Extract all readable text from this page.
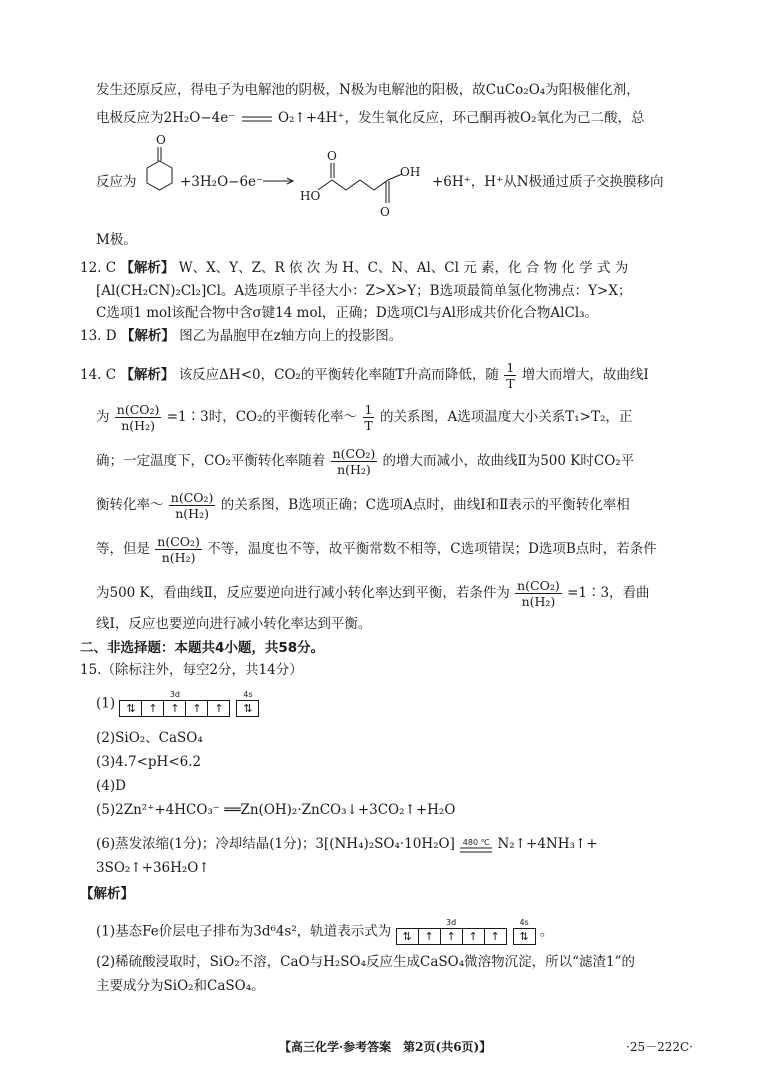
发生还原反应，得电子为电解池的阴极，N极为电解池的阳极，故CuCo₂O₄为阳极催化剂，
电极反应为2H₂O−4e⁻	O₂↑+4H⁺，发生氧化反应，环己酮再被O₂氧化为己二酸，总
反应为
O
+3H₂O−6e⁻
O
HO
OH
O
+6H⁺，H⁺从N极通过质子交换膜移向
M极。
12. C 【解析】 W、X、Y、Z、R 依 次 为 H、C、N、Al、Cl 元 素，化 合 物 化 学 式 为
[Al(CH₂CN)₂Cl₂]Cl。A选项原子半径大小：Z>X>Y；B选项最简单氢化物沸点：Y>X；
C选项1 mol该配合物中含σ键14 mol，正确；D选项Cl与Al形成共价化合物AlCl₃。
13. D 【解析】 图乙为晶胞甲在z轴方向上的投影图。
14. C 【解析】 该反应ΔH<0，CO₂的平衡转化率随T升高而降低，随 $\frac{1}{T}$ 增大而增大，故曲线Ⅰ
为 $\frac{\text{n(CO₂)}}{\text{n(H₂)}}$ =1∶3时，CO₂的平衡转化率～ $\frac{1}{T}$ 的关系图，A选项温度大小关系T₁>T₂，正
确；一定温度下，CO₂平衡转化率随着 $\frac{\text{n(CO₂)}}{\text{n(H₂)}}$ 的增大而减小，故曲线Ⅱ为500 K时CO₂平
衡转化率～ $\frac{\text{n(CO₂)}}{\text{n(H₂)}}$ 的关系图，B选项正确；C选项A点时，曲线Ⅰ和Ⅱ表示的平衡转化率相
等，但是 $\frac{\text{n(CO₂)}}{\text{n(H₂)}}$ 不等，温度也不等，故平衡常数不相等，C选项错误；D选项B点时，若条件
为500 K，看曲线Ⅱ，反应要逆向进行减小转化率达到平衡，若条件为 $\frac{\text{n(CO₂)}}{\text{n(H₂)}}$ =1∶3，看曲
线Ⅰ，反应也要逆向进行减小转化率达到平衡。
二、非选择题：本题共4小题，共58分。
15.（除标注外，每空2分，共14分）
(1)
3d
⇅	↑	↑	↑	↑
4s
⇅
(2)SiO₂、CaSO₄
(3)4.7<pH<6.2
(4)D
(5)2Zn²⁺+4HCO₃⁻ ══Zn(OH)₂·ZnCO₃↓+3CO₂↑+H₂O
(6)蒸发浓缩(1分)；冷却结晶(1分)；3[(NH₄)₂SO₄·10H₂O] 480 ℃ N₂↑+4NH₃↑+
3SO₂↑+36H₂O↑
【解析】
(1)基态Fe价层电子排布为3d⁶4s²，轨道表示式为
3d
⇅	↑	↑	↑	↑
4s
⇅ 。
(2)稀硫酸浸取时，SiO₂不溶，CaO与H₂SO₄反应生成CaSO₄微溶物沉淀，所以“滤渣1”的
主要成分为SiO₂和CaSO₄。
【高三化学·参考答案　第2页(共6页)】	·25－222C·
